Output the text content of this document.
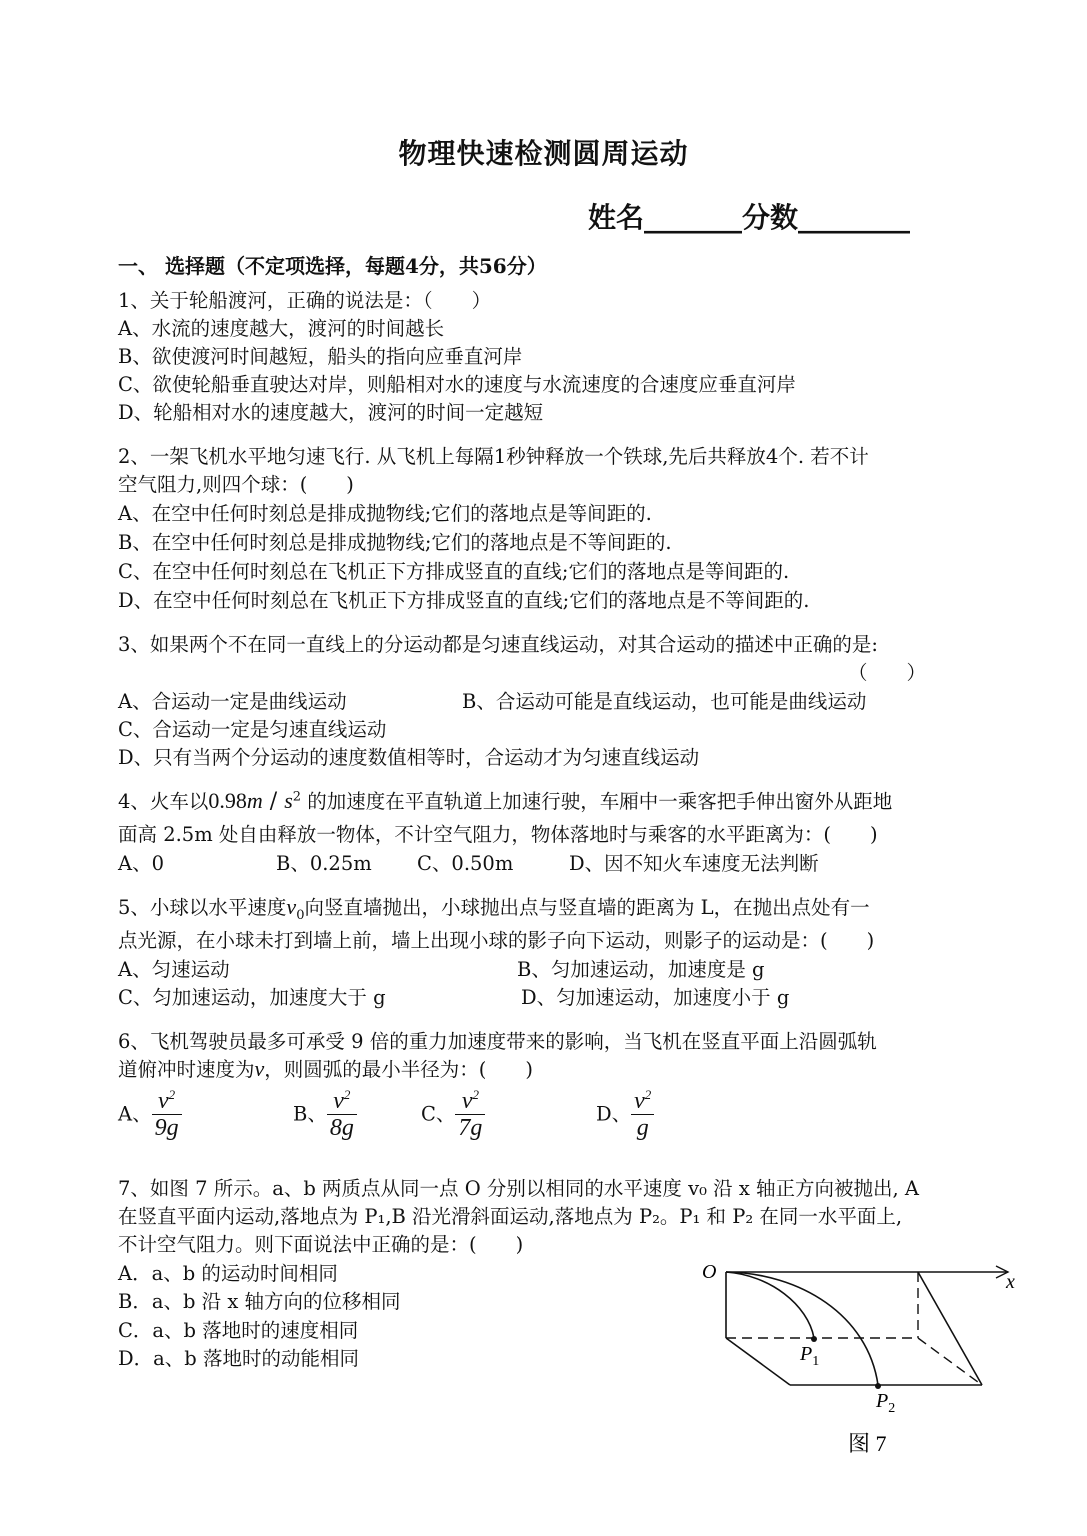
物理快速检测圆周运动
姓名_______分数________
一、 选择题（不定项选择，每题4分，共56分）
1、关于轮船渡河，正确的说法是：（　　）
A、水流的速度越大，渡河的时间越长
B、欲使渡河时间越短，船头的指向应垂直河岸
C、欲使轮船垂直驶达对岸，则船相对水的速度与水流速度的合速度应垂直河岸
D、轮船相对水的速度越大，渡河的时间一定越短
2、一架飞机水平地匀速飞行. 从飞机上每隔1秒钟释放一个铁球,先后共释放4个. 若不计
空气阻力,则四个球：(　　)
A、在空中任何时刻总是排成抛物线;它们的落地点是等间距的.
B、在空中任何时刻总是排成抛物线;它们的落地点是不等间距的.
C、在空中任何时刻总在飞机正下方排成竖直的直线;它们的落地点是等间距的.
D、在空中任何时刻总在飞机正下方排成竖直的直线;它们的落地点是不等间距的.
3、如果两个不在同一直线上的分运动都是匀速直线运动，对其合运动的描述中正确的是:
（　　）
A、合运动一定是曲线运动	B、合运动可能是直线运动，也可能是曲线运动
C、合运动一定是匀速直线运动
D、只有当两个分运动的速度数值相等时，合运动才为匀速直线运动
4、火车以$0.98m / s^2$ 的加速度在平直轨道上加速行驶，车厢中一乘客把手伸出窗外从距地
面高 2.5m 处自由释放一物体，不计空气阻力，物体落地时与乘客的水平距离为：(　　)
A、0	B、0.25m C、0.50m	D、因不知火车速度无法判断
5、小球以水平速度$v_0$向竖直墙抛出，小球抛出点与竖直墙的距离为 L，在抛出点处有一
点光源，在小球未打到墙上前，墙上出现小球的影子向下运动，则影子的运动是：(　　)
A、匀速运动	B、匀加速运动，加速度是 g
C、匀加速运动，加速度大于 g	D、匀加速运动，加速度小于 g
6、飞机驾驶员最多可承受 9 倍的重力加速度带来的影响，当飞机在竖直平面上沿圆弧轨
道俯冲时速度为v，则圆弧的最小半径为：(　　)
A、 $\frac{v^2}{9g}$	B、 $\frac{v^2}{8g}$	C、 $\frac{v^2}{7g}$	D、 $\frac{v^2}{g}$
7、如图 7 所示。a、b 两质点从同一点 O 分别以相同的水平速度 v₀ 沿 x 轴正方向被抛出, A
在竖直平面内运动,落地点为 P₁,B 沿光滑斜面运动,落地点为 P₂。P₁ 和 P₂ 在同一水平面上,
不计空气阻力。则下面说法中正确的是：(　　)
A．a、b 的运动时间相同
B．a、b 沿 x 轴方向的位移相同
C．a、b 落地时的速度相同
D．a、b 落地时的动能相同
O	x
$P_1$
$P_2$
图 7
